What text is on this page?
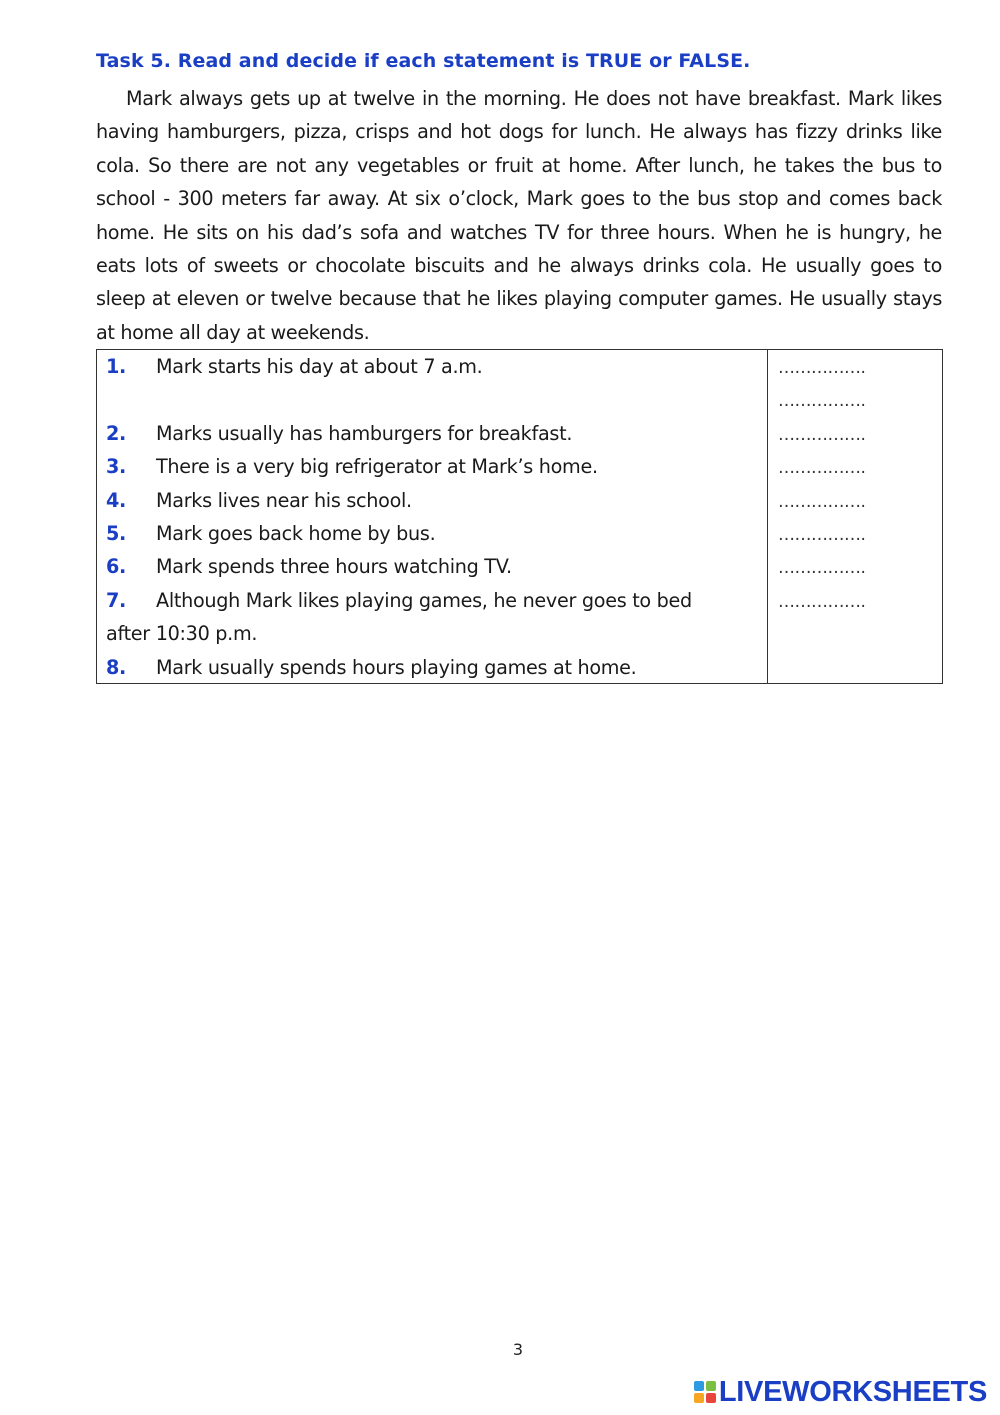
Task 5. Read and decide if each statement is TRUE or FALSE.

Mark always gets up at twelve in the morning. He does not have breakfast. Mark likes having hamburgers, pizza, crisps and hot dogs for lunch. He always has fizzy drinks like cola. So there are not any vegetables or fruit at home. After lunch, he takes the bus to school - 300 meters far away. At six o’clock, Mark goes to the bus stop and comes back home. He sits on his dad’s sofa and watches TV for three hours. When he is hungry, he eats lots of sweets or chocolate biscuits and he always drinks cola. He usually goes to sleep at eleven or twelve because that he likes playing computer games. He usually stays at home all day at weekends.

1. Mark starts his day at about 7 a.m.
2. Marks usually has hamburgers for breakfast.
3. There is a very big refrigerator at Mark’s home.
4. Marks lives near his school.
5. Mark goes back home by bus.
6. Mark spends three hours watching TV.
7. Although Mark likes playing games, he never goes to bed
after 10:30 p.m.
8. Mark usually spends hours playing games at home.
…………….
…………….
…………….
…………….
…………….
…………….
…………….
…………….
3
LIVEWORKSHEETS
